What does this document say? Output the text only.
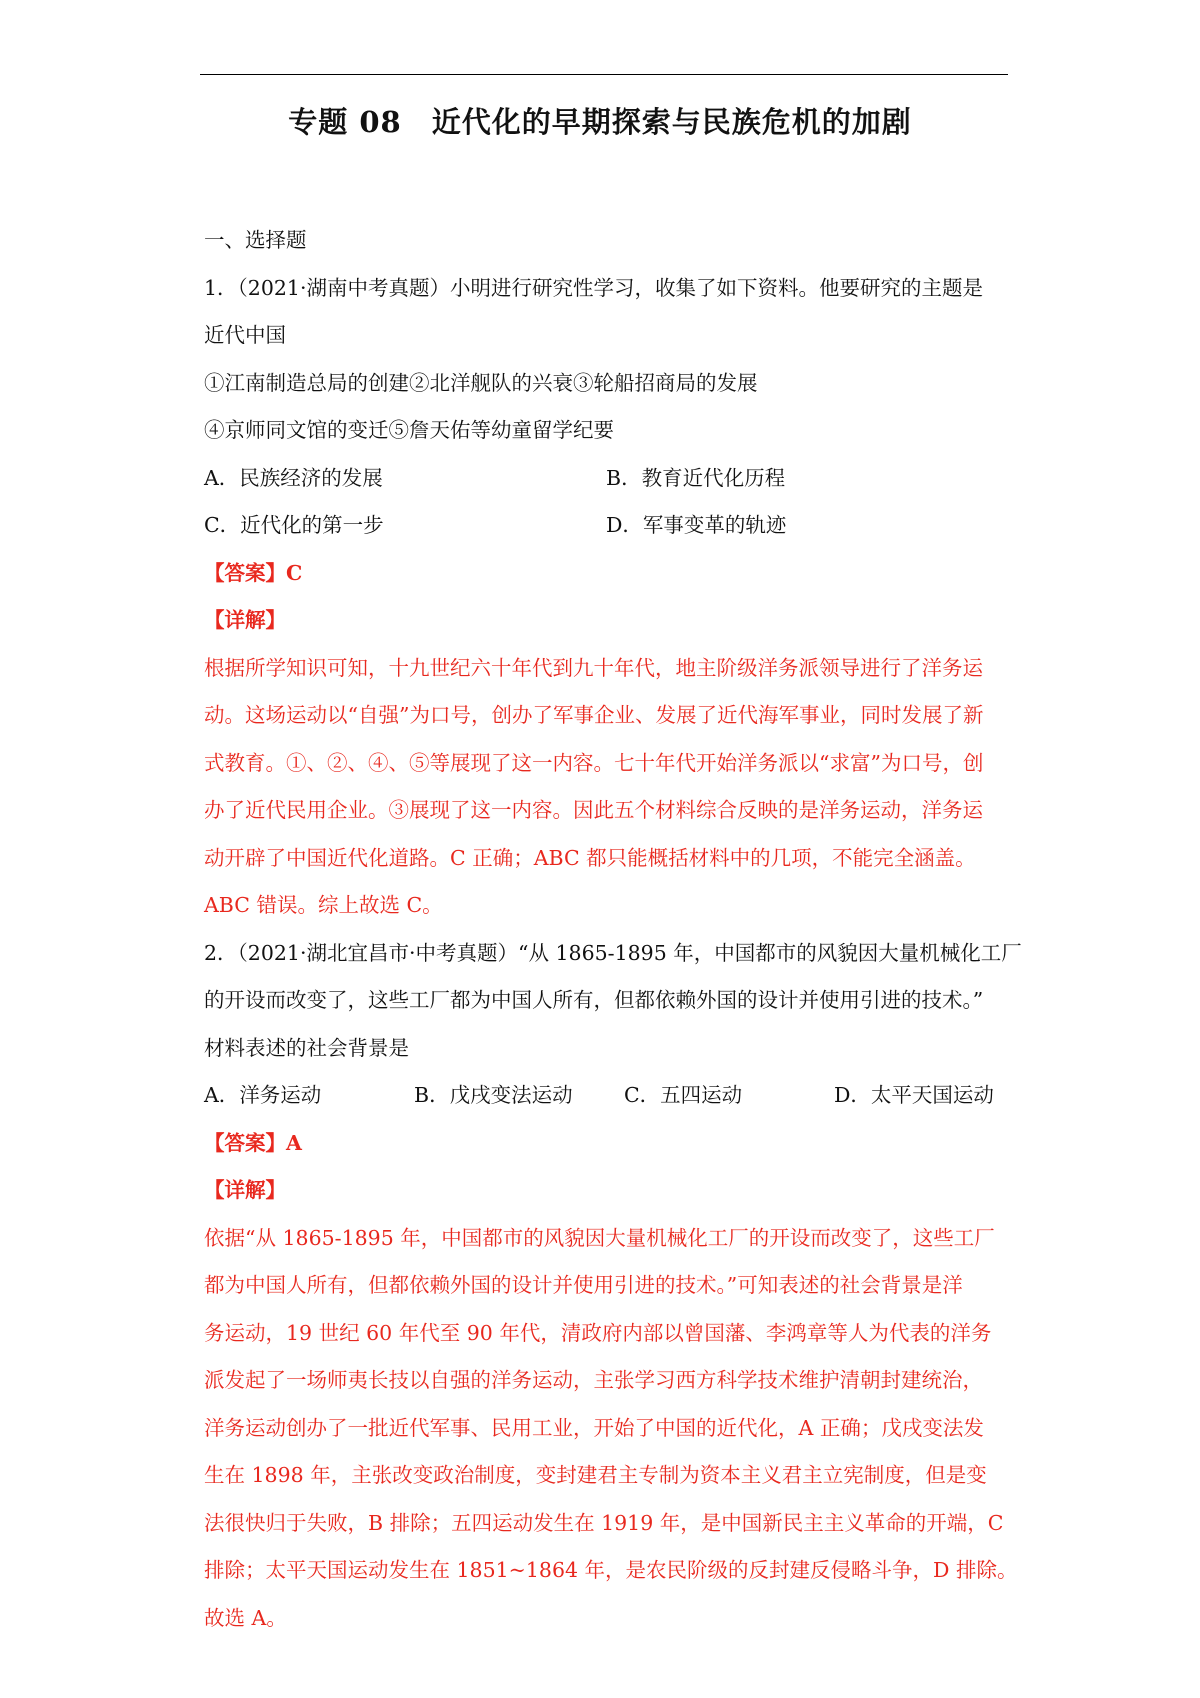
专题 08　近代化的早期探索与民族危机的加剧
一、选择题
1．（2021·湖南中考真题）小明进行研究性学习，收集了如下资料。他要研究的主题是
近代中国
①江南制造总局的创建②北洋舰队的兴衰③轮船招商局的发展
④京师同文馆的变迁⑤詹天佑等幼童留学纪要
A．民族经济的发展	B．教育近代化历程
C．近代化的第一步	D．军事变革的轨迹
【答案】C
【详解】
根据所学知识可知，十九世纪六十年代到九十年代，地主阶级洋务派领导进行了洋务运
动。这场运动以“自强”为口号，创办了军事企业、发展了近代海军事业，同时发展了新
式教育。①、②、④、⑤等展现了这一内容。七十年代开始洋务派以“求富”为口号，创
办了近代民用企业。③展现了这一内容。因此五个材料综合反映的是洋务运动，洋务运
动开辟了中国近代化道路。C 正确；ABC 都只能概括材料中的几项，不能完全涵盖。
ABC 错误。综上故选 C。
2．（2021·湖北宜昌市·中考真题）“从 1865-1895 年，中国都市的风貌因大量机械化工厂
的开设而改变了，这些工厂都为中国人所有，但都依赖外国的设计并使用引进的技术。”
材料表述的社会背景是
A．洋务运动	B．戊戌变法运动	C．五四运动	D．太平天国运动
【答案】A
【详解】
依据“从 1865-1895 年，中国都市的风貌因大量机械化工厂的开设而改变了，这些工厂
都为中国人所有，但都依赖外国的设计并使用引进的技术。”可知表述的社会背景是洋
务运动，19 世纪 60 年代至 90 年代，清政府内部以曾国藩、李鸿章等人为代表的洋务
派发起了一场师夷长技以自强的洋务运动，主张学习西方科学技术维护清朝封建统治，
洋务运动创办了一批近代军事、民用工业，开始了中国的近代化，A 正确；戊戌变法发
生在 1898 年，主张改变政治制度，变封建君主专制为资本主义君主立宪制度，但是变
法很快归于失败，B 排除；五四运动发生在 1919 年，是中国新民主主义革命的开端，C
排除；太平天国运动发生在 1851~1864 年，是农民阶级的反封建反侵略斗争，D 排除。
故选 A。
